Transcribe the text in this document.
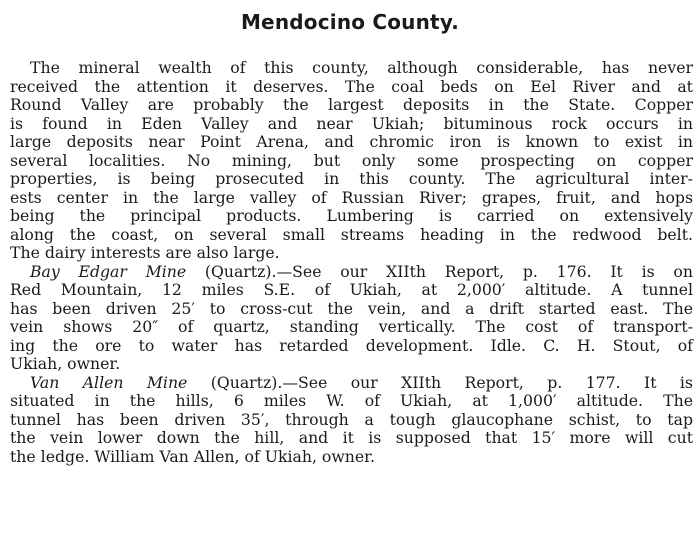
Mendocino County.
The mineral wealth of this county, although considerable, has never
received the attention it deserves. The coal beds on Eel River and at
Round Valley are probably the largest deposits in the State. Copper
is found in Eden Valley and near Ukiah; bituminous rock occurs in
large deposits near Point Arena, and chromic iron is known to exist in
several localities. No mining, but only some prospecting on copper
properties, is being prosecuted in this county. The agricultural inter-
ests center in the large valley of Russian River; grapes, fruit, and hops
being the principal products. Lumbering is carried on extensively
along the coast, on several small streams heading in the redwood belt.
The dairy interests are also large.
Bay Edgar Mine (Quartz).—See our XIIth Report, p. 176. It is on
Red Mountain, 12 miles S.E. of Ukiah, at 2,000′ altitude. A tunnel
has been driven 25′ to cross-cut the vein, and a drift started east. The
vein shows 20″ of quartz, standing vertically. The cost of transport-
ing the ore to water has retarded development. Idle. C. H. Stout, of
Ukiah, owner.
Van Allen Mine (Quartz).—See our XIIth Report, p. 177. It is
situated in the hills, 6 miles W. of Ukiah, at 1,000′ altitude. The
tunnel has been driven 35′, through a tough glaucophane schist, to tap
the vein lower down the hill, and it is supposed that 15′ more will cut
the ledge. William Van Allen, of Ukiah, owner.
